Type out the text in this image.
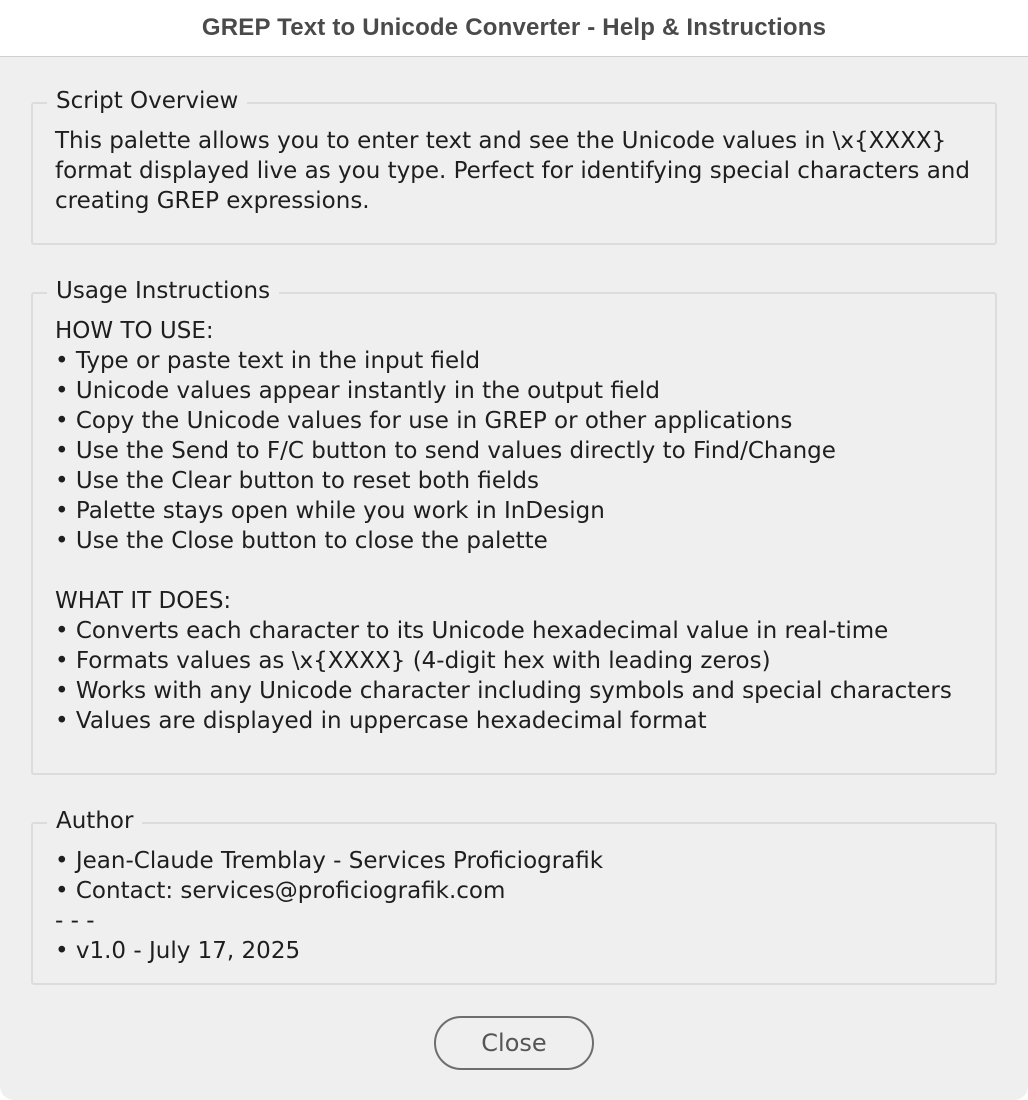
GREP Text to Unicode Converter - Help & Instructions
Script Overview
This palette allows you to enter text and see the Unicode values in \x{XXXX}
format displayed live as you type. Perfect for identifying special characters and
creating GREP expressions.
Usage Instructions
HOW TO USE:
• Type or paste text in the input field
• Unicode values appear instantly in the output field
• Copy the Unicode values for use in GREP or other applications
• Use the Send to F/C button to send values directly to Find/Change
• Use the Clear button to reset both fields
• Palette stays open while you work in InDesign
• Use the Close button to close the palette
WHAT IT DOES:
• Converts each character to its Unicode hexadecimal value in real-time
• Formats values as \x{XXXX} (4-digit hex with leading zeros)
• Works with any Unicode character including symbols and special characters
• Values are displayed in uppercase hexadecimal format
Author
• Jean-Claude Tremblay - Services Proficiografik
• Contact: services@proficiografik.com
- - -
• v1.0 - July 17, 2025
Close
